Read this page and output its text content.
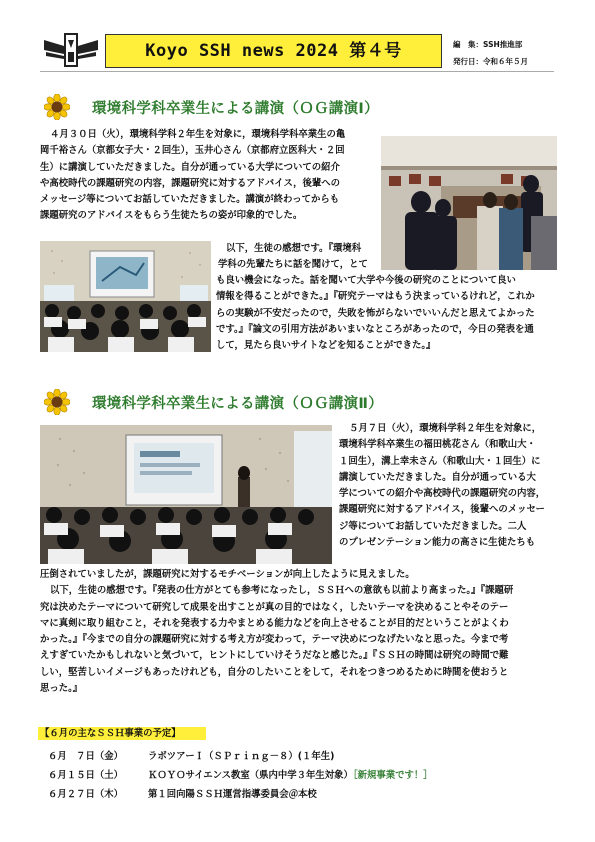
Koyo SSH news 2024 第４号	編　集：SSH推進部
発行日：令和６年５月
環境科学科卒業生による講演（ＯＧ講演Ⅰ）
４月３０日（火），環境科学科２年生を対象に，環境科学科卒業生の亀
岡千裕さん（京都女子大・２回生），玉井心さん（京都府立医科大・２回
生）に講演していただきました。自分が通っている大学についての紹介
や高校時代の課題研究の内容，課題研究に対するアドバイス，後輩への
メッセージ等についてお話していただきました。講演が終わってからも
課題研究のアドバイスをもらう生徒たちの姿が印象的でした。
以下，生徒の感想です。『環境科
学科の先輩たちに話を聞けて，とて
も良い機会になった。話を聞いて大学や今後の研究のことについて良い
情報を得ることができた。』『研究テーマはもう決まっているけれど，これか
らの実験が不安だったので，失敗を怖がらないでいいんだと思えてよかった
です。』『論文の引用方法があいまいなところがあったので，今日の発表を通
して，見たら良いサイトなどを知ることができた。』
環境科学科卒業生による講演（ＯＧ講演Ⅱ）
５月７日（火），環境科学科２年生を対象に，
環境科学科卒業生の福田桃花さん（和歌山大・
１回生），溝上幸未さん（和歌山大・１回生）に
講演していただきました。自分が通っている大
学についての紹介や高校時代の課題研究の内容，
課題研究に対するアドバイス，後輩へのメッセー
ジ等についてお話していただきました。二人
のプレゼンテーション能力の高さに生徒たちも
圧倒されていましたが，課題研究に対するモチベーションが向上したように見えました。
以下，生徒の感想です。『発表の仕方がとても参考になったし，ＳＳＨへの意欲も以前より高まった。』『課題研
究は決めたテーマについて研究して成果を出すことが真の目的ではなく，したいテーマを決めることやそのテー
マに真剣に取り組むこと，それを発表する力やまとめる能力などを向上させることが目的だということがよくわ
かった。』『今までの自分の課題研究に対する考え方が変わって，テーマ決めにつなげたいなと思った。今まで考
えすぎていたかもしれないと気づいて，ヒントにしていけそうだなと感じた。』『ＳＳＨの時間は研究の時間で難
しい，堅苦しいイメージもあったけれども，自分のしたいことをして，それをつきつめるために時間を使おうと
思った。』
【６月の主なＳＳＨ事業の予定】
６月　７日（金）	ラボツアーＩ（ＳＰｒｉｎｇ－８）(１年生)
６月１５日（土）	ＫＯＹＯサイエンス教室（県内中学３年生対象）［新規事業です！］
６月２７日（木）	第１回向陽ＳＳＨ運営指導委員会＠本校
